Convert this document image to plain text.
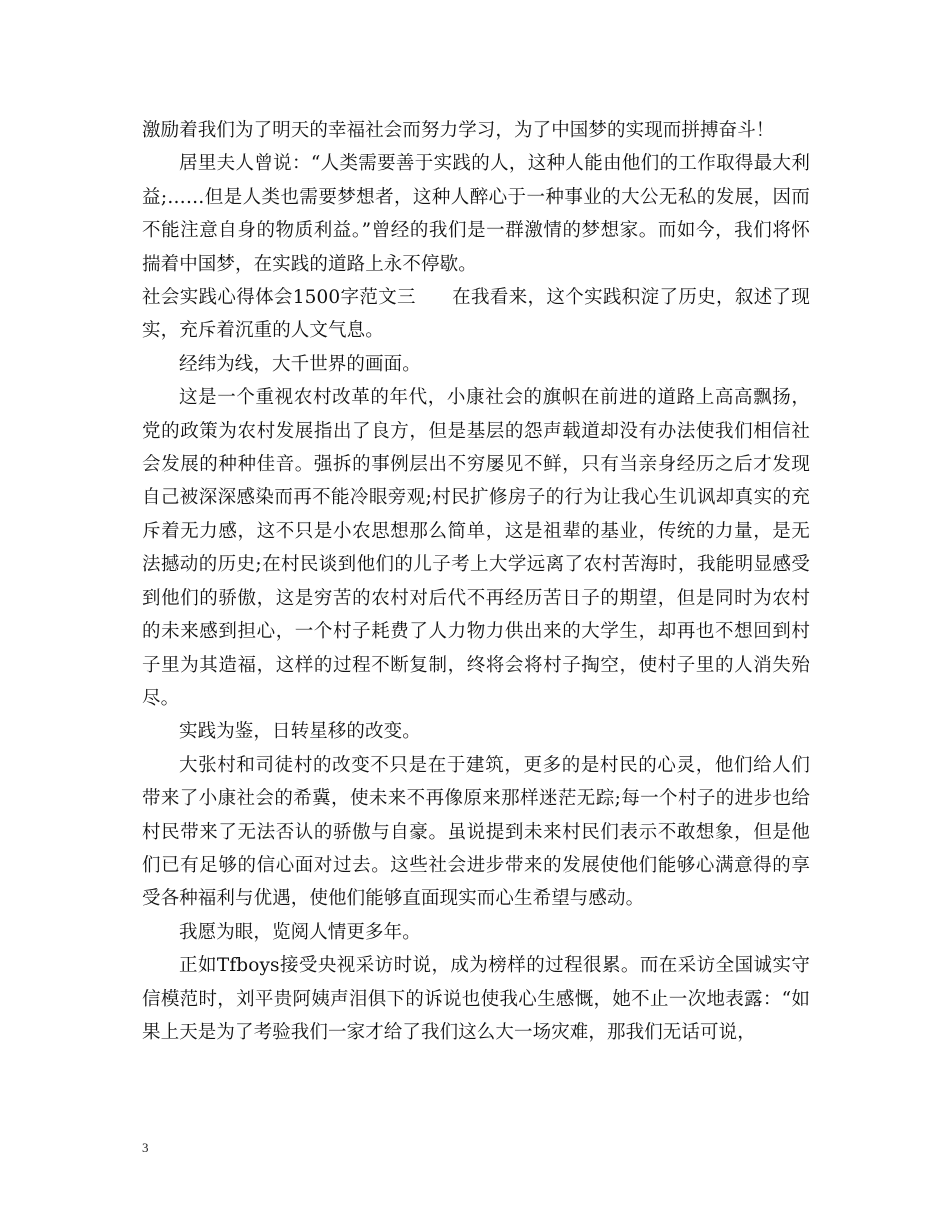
激励着我们为了明天的幸福社会而努力学习，为了中国梦的实现而拼搏奋斗！

居里夫人曾说：“人类需要善于实践的人，这种人能由他们的工作取得最大利益;……但是人类也需要梦想者，这种人醉心于一种事业的大公无私的发展，因而不能注意自身的物质利益。”曾经的我们是一群激情的梦想家。而如今，我们将怀揣着中国梦，在实践的道路上永不停歇。

社会实践心得体会1500字范文三 在我看来，这个实践积淀了历史，叙述了现实，充斥着沉重的人文气息。

经纬为线，大千世界的画面。

这是一个重视农村改革的年代，小康社会的旗帜在前进的道路上高高飘扬，党的政策为农村发展指出了良方，但是基层的怨声载道却没有办法使我们相信社会发展的种种佳音。强拆的事例层出不穷屡见不鲜，只有当亲身经历之后才发现自己被深深感染而再不能冷眼旁观;村民扩修房子的行为让我心生讥讽却真实的充斥着无力感，这不只是小农思想那么简单，这是祖辈的基业，传统的力量，是无法撼动的历史;在村民谈到他们的儿子考上大学远离了农村苦海时，我能明显感受到他们的骄傲，这是穷苦的农村对后代不再经历苦日子的期望，但是同时为农村的未来感到担心，一个村子耗费了人力物力供出来的大学生，却再也不想回到村子里为其造福，这样的过程不断复制，终将会将村子掏空，使村子里的人消失殆尽。

实践为鉴，日转星移的改变。

大张村和司徒村的改变不只是在于建筑，更多的是村民的心灵，他们给人们带来了小康社会的希冀，使未来不再像原来那样迷茫无踪;每一个村子的进步也给村民带来了无法否认的骄傲与自豪。虽说提到未来村民们表示不敢想象，但是他们已有足够的信心面对过去。这些社会进步带来的发展使他们能够心满意得的享受各种福利与优遇，使他们能够直面现实而心生希望与感动。

我愿为眼，览阅人情更多年。

正如Tfboys接受央视采访时说，成为榜样的过程很累。而在采访全国诚实守信模范时，刘平贵阿姨声泪俱下的诉说也使我心生感慨，她不止一次地表露：“如果上天是为了考验我们一家才给了我们这么大一场灾难，那我们无话可说，

3
